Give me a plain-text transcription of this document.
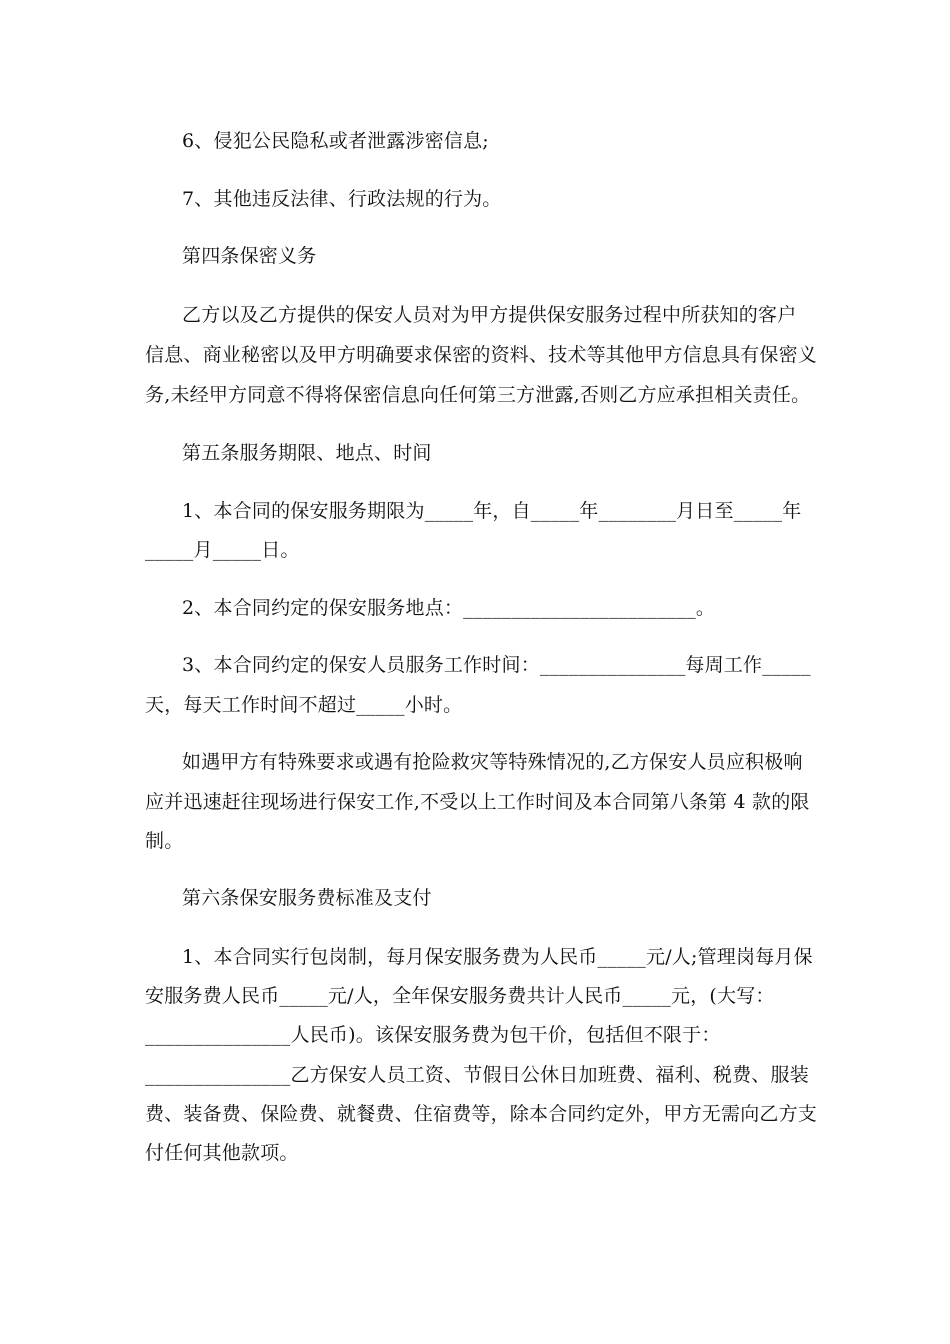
6、侵犯公民隐私或者泄露涉密信息;
7、其他违反法律、行政法规的行为。
第四条保密义务
乙方以及乙方提供的保安人员对为甲方提供保安服务过程中所获知的客户
信息、商业秘密以及甲方明确要求保密的资料、技术等其他甲方信息具有保密义
务,未经甲方同意不得将保密信息向任何第三方泄露,否则乙方应承担相关责任。
第五条服务期限、地点、时间
1、本合同的保安服务期限为_____年，自_____年________月日至_____年
_____月_____日。
2、本合同约定的保安服务地点：________________________。
3、本合同约定的保安人员服务工作时间：_______________每周工作_____
天，每天工作时间不超过_____小时。
如遇甲方有特殊要求或遇有抢险救灾等特殊情况的,乙方保安人员应积极响
应并迅速赶往现场进行保安工作,不受以上工作时间及本合同第八条第 4 款的限
制。
第六条保安服务费标准及支付
1、本合同实行包岗制，每月保安服务费为人民币_____元/人;管理岗每月保
安服务费人民币_____元/人，全年保安服务费共计人民币_____元，(大写：
_______________人民币)。该保安服务费为包干价，包括但不限于：
_______________乙方保安人员工资、节假日公休日加班费、福利、税费、服装
费、装备费、保险费、就餐费、住宿费等，除本合同约定外，甲方无需向乙方支
付任何其他款项。
